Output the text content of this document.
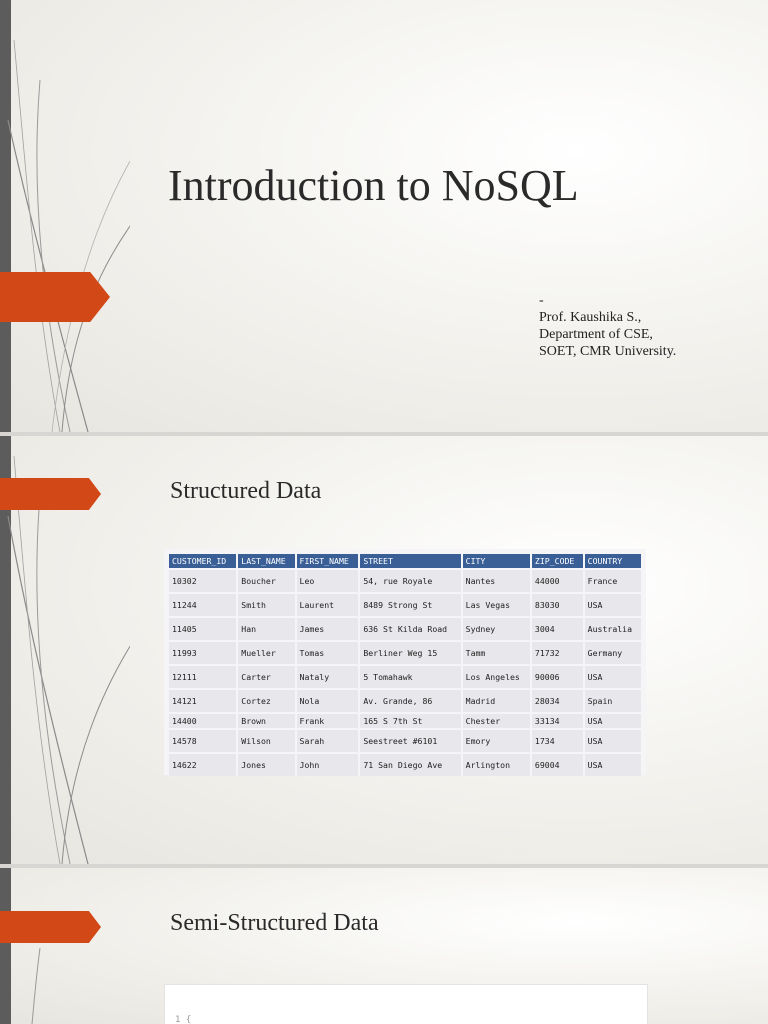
Introduction to NoSQL
-
Prof. Kaushika S.,
Department of CSE,
SOET, CMR University.
Structured Data
CUSTOMER_ID	LAST_NAME	FIRST_NAME	STREET	CITY	ZIP_CODE	COUNTRY
10302	Boucher	Leo	54, rue Royale	Nantes	44000	France
11244	Smith	Laurent	8489 Strong St	Las Vegas	83030	USA
11405	Han	James	636 St Kilda Road	Sydney	3004	Australia
11993	Mueller	Tomas	Berliner Weg 15	Tamm	71732	Germany
12111	Carter	Nataly	5 Tomahawk	Los Angeles	90006	USA
14121	Cortez	Nola	Av. Grande, 86	Madrid	28034	Spain
14400	Brown	Frank	165 S 7th St	Chester	33134	USA
14578	Wilson	Sarah	Seestreet #6101	Emory	1734	USA
14622	Jones	John	71 San Diego Ave	Arlington	69004	USA
Semi-Structured Data
1 {
